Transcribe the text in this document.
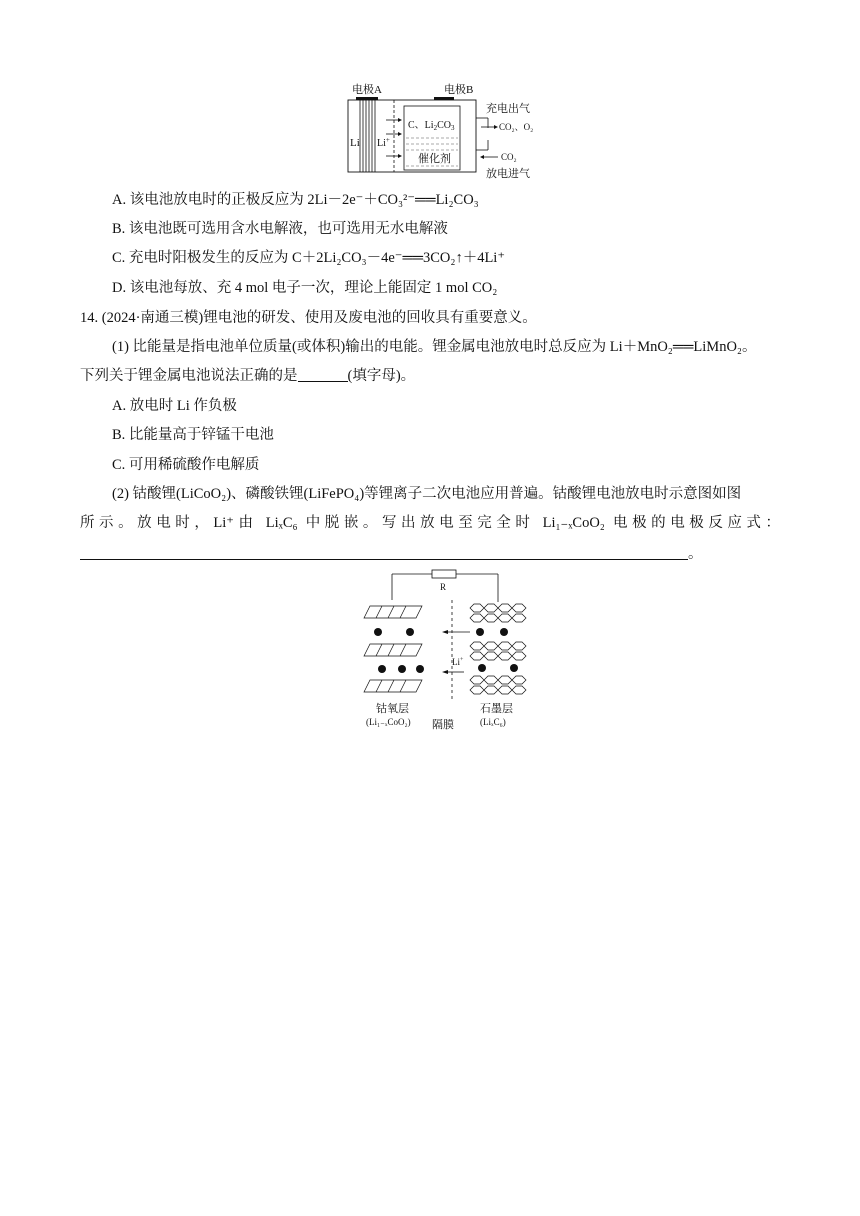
电极A	电极B
Li Li+
C、$Li_2CO_3$
催化剂
充电出气
CO₂、O₂
CO₂
放电进气
A. 该电池放电时的正极反应为 2Li－2e⁻＋CO₃²⁻══Li₂CO₃
B. 该电池既可选用含水电解液，也可选用无水电解液
C. 充电时阳极发生的反应为 C＋2Li₂CO₃－4e⁻══3CO₂↑＋4Li⁺
D. 该电池每放、充 4 mol 电子一次，理论上能固定 1 mol CO₂
14. (2024·南通三模)锂电池的研发、使用及废电池的回收具有重要意义。
(1) 比能量是指电池单位质量(或体积)输出的电能。锂金属电池放电时总反应为 Li＋MnO₂══LiMnO₂。
下列关于锂金属电池说法正确的是	(填字母)。
A. 放电时 Li 作负极
B. 比能量高于锌锰干电池
C. 可用稀硫酸作电解质
(2) 钴酸锂(LiCoO₂)、磷酸铁锂(LiFePO₄)等锂离子二次电池应用普遍。钴酸锂电池放电时示意图如图
所示。放电时，Li⁺由 LiₓC₆ 中脱嵌。写出放电至完全时 Li₁₋ₓCoO₂ 电极的电极反应式：
。
R
Li+
钴氧层
(Li₁₋ₓCoO₂)
石墨层
(LiₓC₆)
隔膜
